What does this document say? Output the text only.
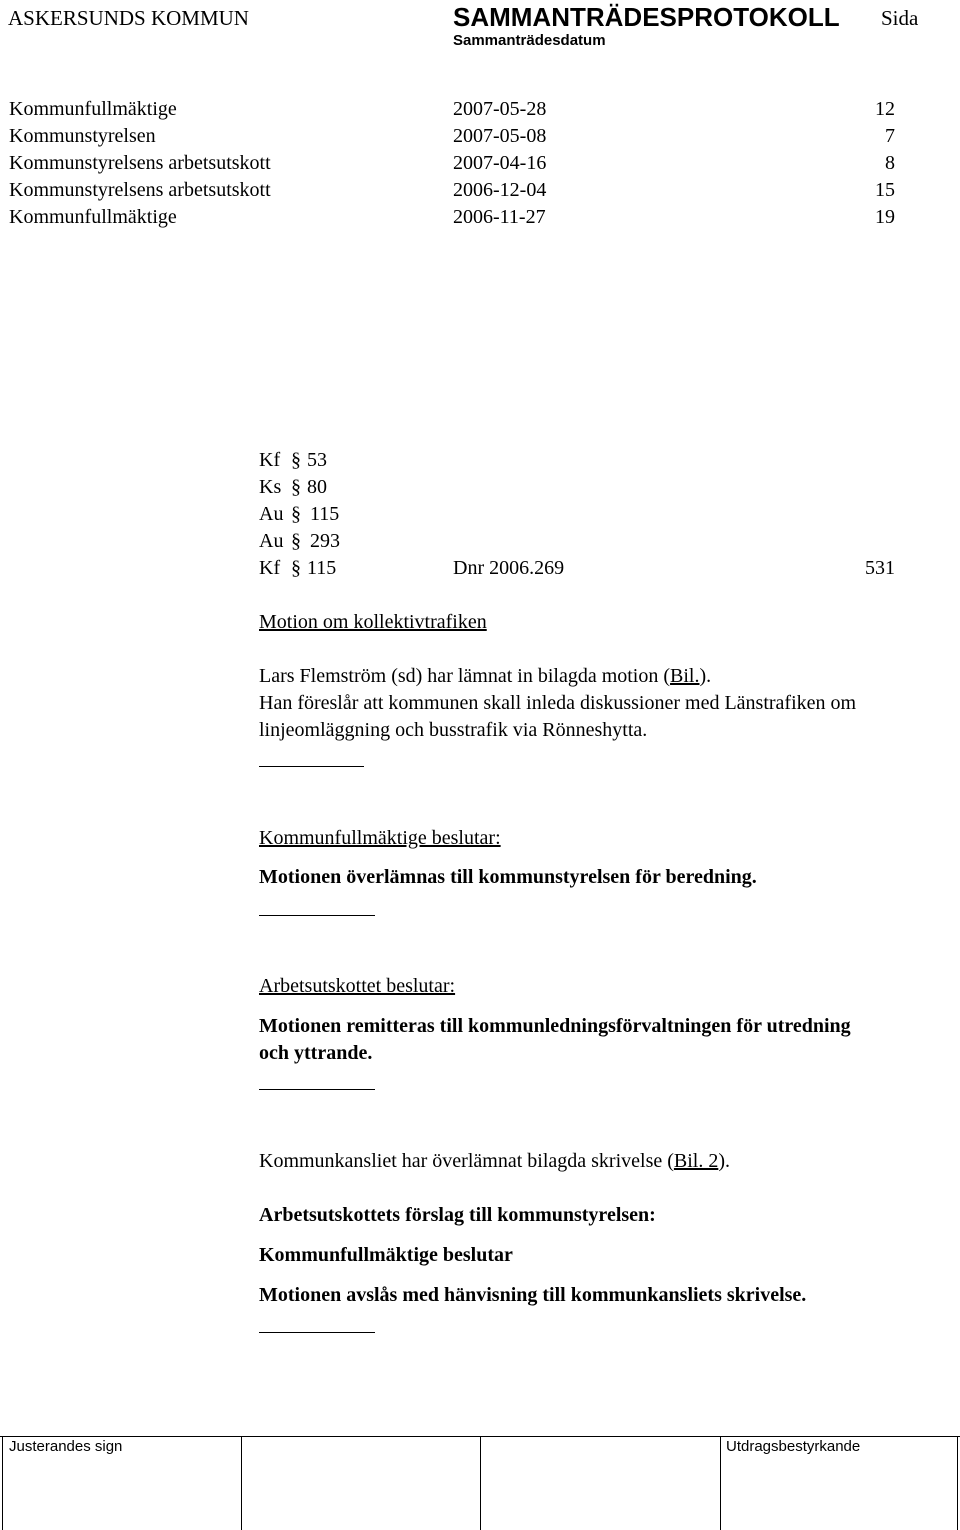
ASKERSUNDS KOMMUN	SAMMANTRÄDESPROTOKOLL Sida
Sammanträdesdatum
Kommunfullmäktige	2007-05-28	12
Kommunstyrelsen	2007-05-08	7
Kommunstyrelsens arbetsutskott	2007-04-16	8
Kommunstyrelsens arbetsutskott	2006-12-04	15
Kommunfullmäktige	2006-11-27	19
Kf § 53
Ks § 80
Au § 115
Au § 293
Kf § 115	Dnr 2006.269	531
Motion om kollektivtrafiken
Lars Flemström (sd) har lämnat in bilagda motion (Bil.).
Han föreslår att kommunen skall inleda diskussioner med Länstrafiken om
linjeomläggning och busstrafik via Rönneshytta.
Kommunfullmäktige beslutar:
Motionen överlämnas till kommunstyrelsen för beredning.
Arbetsutskottet beslutar:
Motionen remitteras till kommunledningsförvaltningen för utredning
och yttrande.
Kommunkansliet har överlämnat bilagda skrivelse (Bil. 2).
Arbetsutskottets förslag till kommunstyrelsen:
Kommunfullmäktige beslutar
Motionen avslås med hänvisning till kommunkansliets skrivelse.
Justerandes sign	Utdragsbestyrkande
